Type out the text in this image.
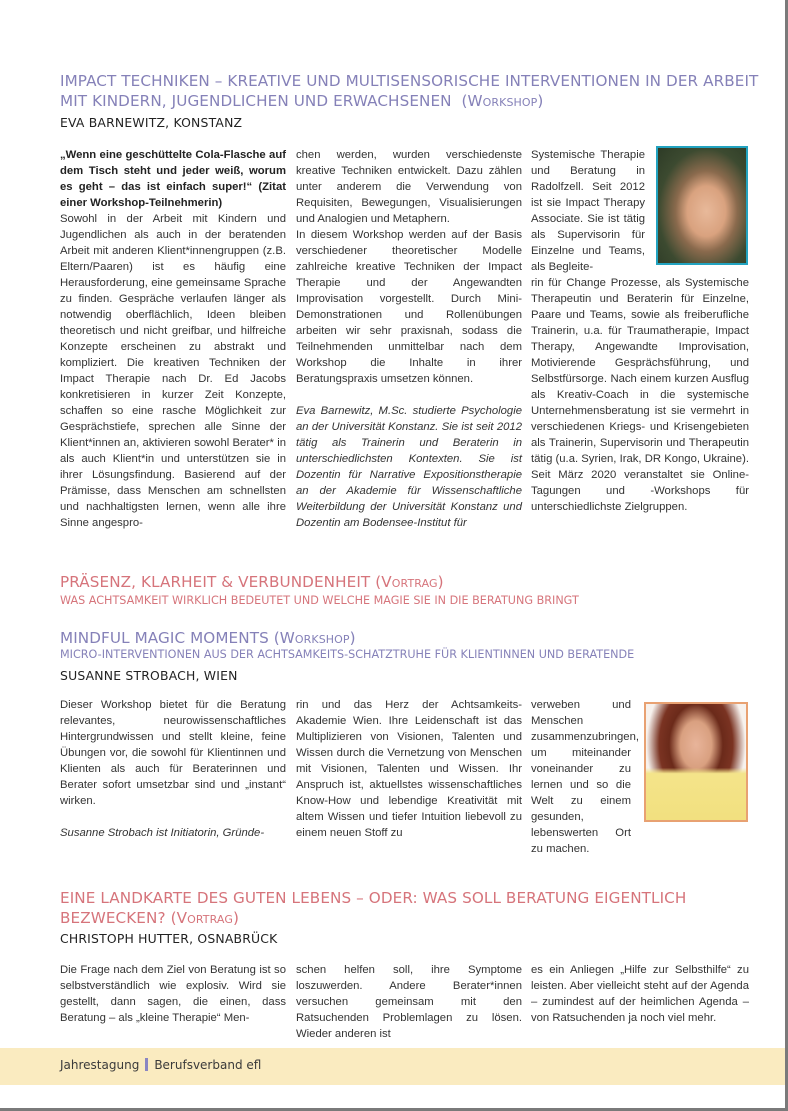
IMPACT TECHNIKEN – KREATIVE UND MULTISENSORISCHE INTERVENTIONEN IN DER ARBEIT
MIT KINDERN, JUGENDLICHEN UND ERWACHSENEN (Workshop)

EVA BARNEWITZ, KONSTANZ

„Wenn eine geschüttelte Cola-Flasche auf dem Tisch steht und jeder weiß, worum es geht – das ist einfach super!“ (Zitat einer Workshop-Teilnehmerin)

Sowohl in der Arbeit mit Kindern und Jugendlichen als auch in der beratenden Arbeit mit anderen Klient*innengruppen (z.B. Eltern/Paaren) ist es häufig eine Herausforderung, eine gemeinsame Sprache zu finden. Gespräche verlaufen länger als notwendig oberflächlich, Ideen bleiben theoretisch und nicht greifbar, und hilfreiche Konzepte erscheinen zu abstrakt und kompliziert. Die kreativen Techniken der Impact Therapie nach Dr. Ed Jacobs konkretisieren in kurzer Zeit Konzepte, schaffen so eine rasche Möglichkeit zur Gesprächstiefe, sprechen alle Sinne der Klient*innen an, aktivieren sowohl Berater* in als auch Klient*in und unterstützen sie in ihrer Lösungsfindung. Basierend auf der Prämisse, dass Menschen am schnellsten und nachhaltigsten lernen, wenn alle ihre Sinne angespro-

chen werden, wurden verschiedenste kreative Techniken entwickelt. Dazu zählen unter anderem die Verwendung von Requisiten, Bewegungen, Visualisierungen und Analogien und Metaphern.

In diesem Workshop werden auf der Basis verschiedener theoretischer Modelle zahlreiche kreative Techniken der Impact Therapie und der Angewandten Improvisation vorgestellt. Durch Mini-Demonstrationen und Rollenübungen arbeiten wir sehr praxisnah, sodass die Teilnehmenden unmittelbar nach dem Workshop die Inhalte in ihrer Beratungspraxis umsetzen können.

Eva Barnewitz, M.Sc. studierte Psychologie an der Universität Konstanz. Sie ist seit 2012 tätig als Trainerin und Beraterin in unterschiedlichsten Kontexten. Sie ist Dozentin für Narrative Expositionstherapie an der Akademie für Wissenschaftliche Weiterbildung der Universität Konstanz und Dozentin am Bodensee-Institut für

Systemische Therapie und Beratung in Radolfzell. Seit 2012 ist sie Impact Therapy Associate. Sie ist tätig als Supervisorin für Einzelne und Teams, als Begleite-

rin für Change Prozesse, als Systemische Therapeutin und Beraterin für Einzelne, Paare und Teams, sowie als freiberufliche Trainerin, u.a. für Traumatherapie, Impact Therapy, Angewandte Improvisation, Motivierende Gesprächsführung, und Selbstfürsorge. Nach einem kurzen Ausflug als Kreativ-Coach in die systemische Unternehmensberatung ist sie vermehrt in verschiedenen Kriegs- und Krisengebieten als Trainerin, Supervisorin und Therapeutin tätig (u.a. Syrien, Irak, DR Kongo, Ukraine). Seit März 2020 veranstaltet sie Online-Tagungen und -Workshops für unterschiedlichste Zielgruppen.

PRÄSENZ, KLARHEIT & VERBUNDENHEIT (Vortrag)

WAS ACHTSAMKEIT WIRKLICH BEDEUTET UND WELCHE MAGIE SIE IN DIE BERATUNG BRINGT

MINDFUL MAGIC MOMENTS (Workshop)

MICRO-INTERVENTIONEN AUS DER ACHTSAMKEITS-SCHATZTRUHE FÜR KLIENTINNEN UND BERATENDE

SUSANNE STROBACH, WIEN

Dieser Workshop bietet für die Beratung relevantes, neurowissenschaftliches Hintergrundwissen und stellt kleine, feine Übungen vor, die sowohl für Klientinnen und Klienten als auch für Beraterinnen und Berater sofort umsetzbar sind und „instant“ wirken.

Susanne Strobach ist Initiatorin, Gründe-

rin und das Herz der Achtsamkeits-Akademie Wien. Ihre Leidenschaft ist das Multiplizieren von Visionen, Talenten und Wissen durch die Vernetzung von Menschen mit Visionen, Talenten und Wissen. Ihr Anspruch ist, aktuellstes wissenschaftliches Know-How und lebendige Kreativität mit altem Wissen und tiefer Intuition liebevoll zu einem neuen Stoff zu

verweben und Menschen zusammenzubringen, um miteinander voneinander zu lernen und so die Welt zu einem gesunden, lebenswerten Ort zu machen.

EINE LANDKARTE DES GUTEN LEBENS – ODER: WAS SOLL BERATUNG EIGENTLICH
BEZWECKEN? (Vortrag)

CHRISTOPH HUTTER, OSNABRÜCK

Die Frage nach dem Ziel von Beratung ist so selbstverständlich wie explosiv. Wird sie gestellt, dann sagen, die einen, dass Beratung – als „kleine Therapie“ Men-

schen helfen soll, ihre Symptome loszuwerden. Andere Berater*innen versuchen gemeinsam mit den Ratsuchenden Problemlagen zu lösen. Wieder anderen ist

es ein Anliegen „Hilfe zur Selbsthilfe“ zu leisten. Aber vielleicht steht auf der Agenda – zumindest auf der heimlichen Agenda – von Ratsuchenden ja noch viel mehr.

Jahrestagung Berufsverband efl
